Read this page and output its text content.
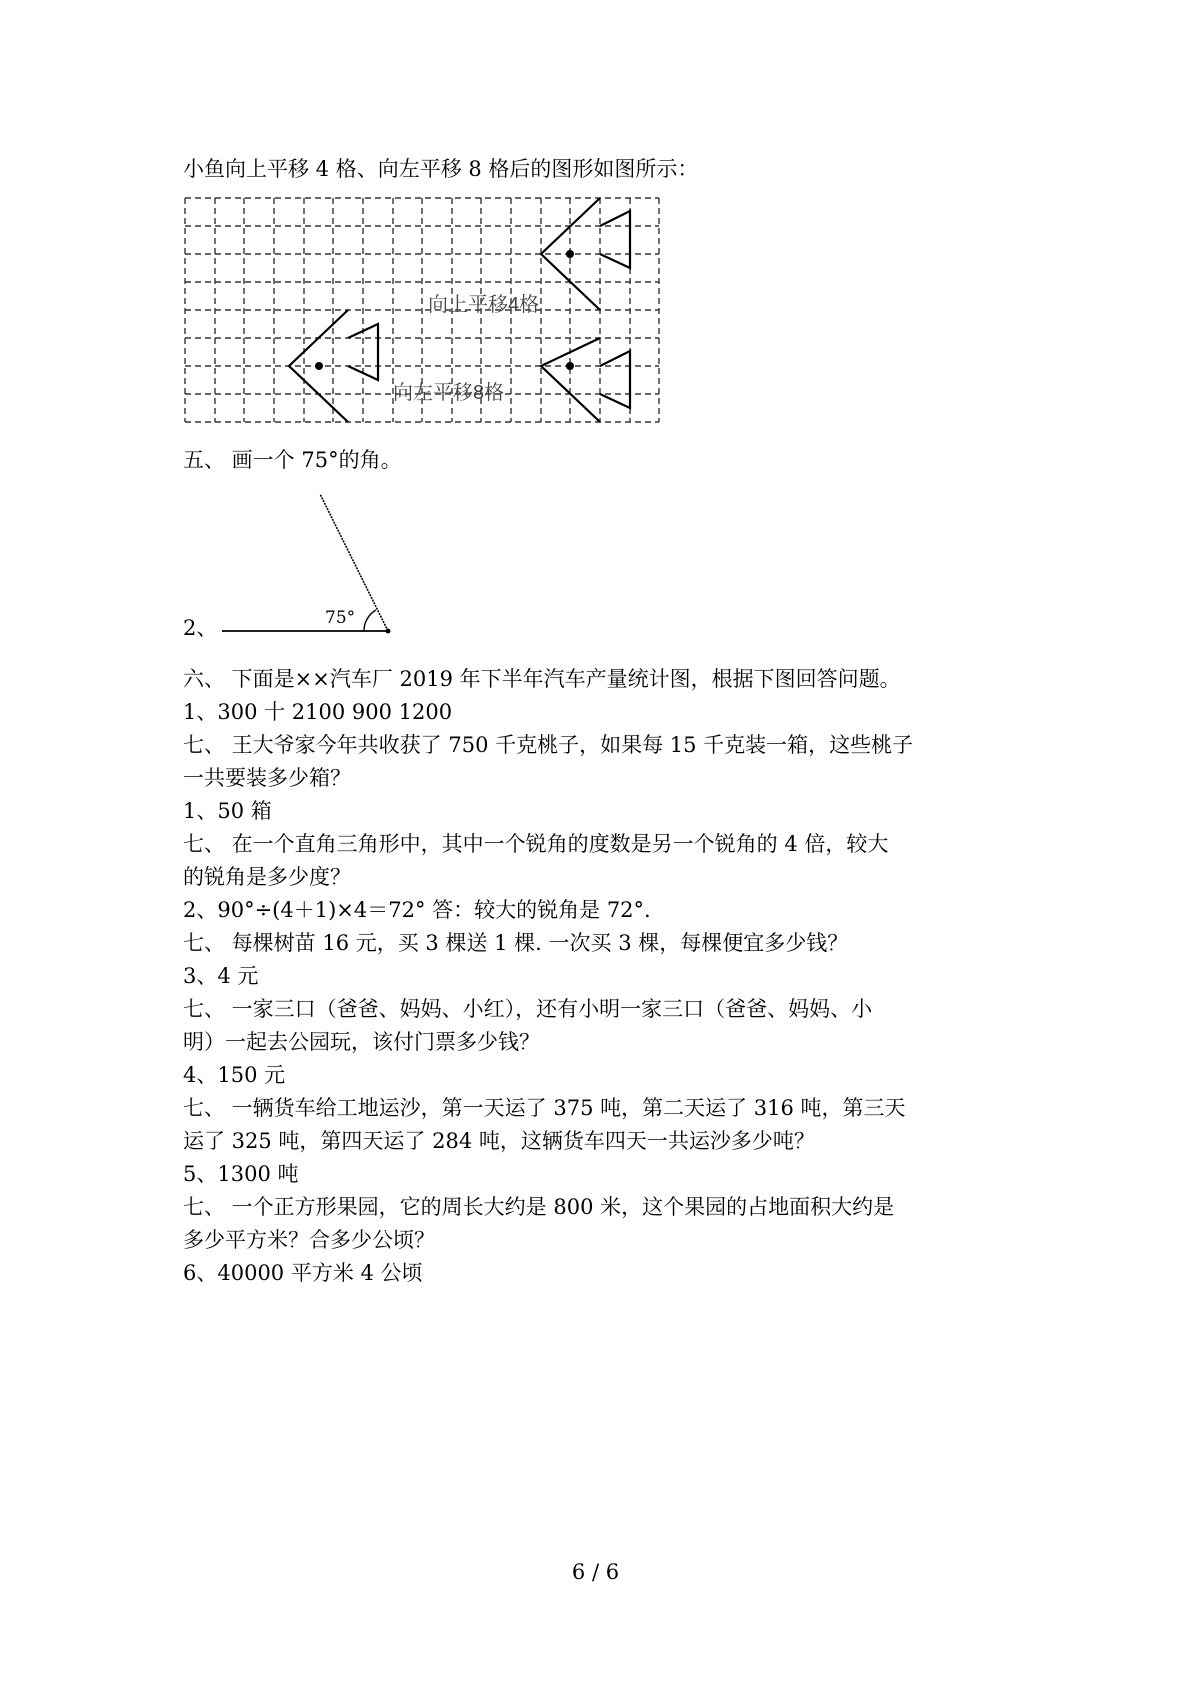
小鱼向上平移 4 格、向左平移 8 格后的图形如图所示：
向上平移4格
向左平移8格
五、 画一个 75°的角。
75°
2、
六、 下面是××汽车厂 2019 年下半年汽车产量统计图，根据下图回答问题。
1、300 十 2100 900 1200
七、 王大爷家今年共收获了 750 千克桃子，如果每 15 千克装一箱，这些桃子
一共要装多少箱？
1、50 箱
七、 在一个直角三角形中，其中一个锐角的度数是另一个锐角的 4 倍，较大
的锐角是多少度？
2、90°÷(4＋1)×4＝72° 答：较大的锐角是 72°.
七、 每棵树苗 16 元，买 3 棵送 1 棵. 一次买 3 棵，每棵便宜多少钱？
3、4 元
七、 一家三口（爸爸、妈妈、小红），还有小明一家三口（爸爸、妈妈、小
明）一起去公园玩，该付门票多少钱？
4、150 元
七、 一辆货车给工地运沙，第一天运了 375 吨，第二天运了 316 吨，第三天
运了 325 吨，第四天运了 284 吨，这辆货车四天一共运沙多少吨？
5、1300 吨
七、 一个正方形果园，它的周长大约是 800 米，这个果园的占地面积大约是
多少平方米？合多少公顷？
6、40000 平方米 4 公顷
6 / 6
